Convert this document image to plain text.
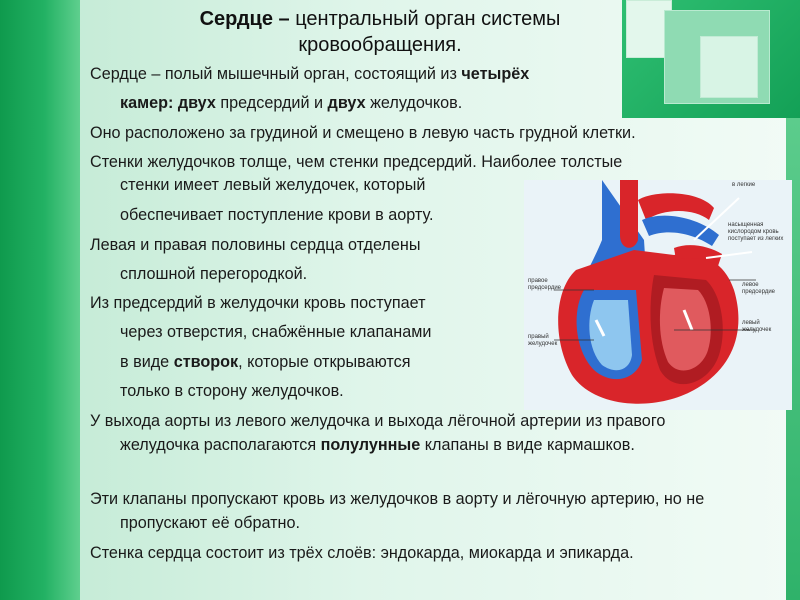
Сердце – центральный орган системы кровообращения.
Сердце – полый мышечный орган, состоящий из четырёх
камер: двух предсердий и двух желудочков.
Оно расположено за грудиной и смещено в левую часть грудной клетки.
Стенки желудочков толще, чем стенки предсердий. Наиболее толстые
стенки имеет левый желудочек, который
обеспечивает поступление крови в аорту.
Левая и правая половины сердца отделены
сплошной перегородкой.
Из предсердий в желудочки кровь поступает
через отверстия, снабжённые клапанами
в виде створок, которые открываются
только в сторону желудочков.
У выхода аорты из левого желудочка и выхода лёгочной артерии из правого желудочка располагаются полулунные клапаны в виде кармашков.
Эти клапаны пропускают кровь из желудочков в аорту и лёгочную артерию, но не пропускают её обратно.
Стенка сердца состоит из трёх слоёв: эндокарда, миокарда и эпикарда.
в легкие
насыщенная кислородом кровь поступает из легких
левое предсердие
правое предсердие
правый желудочек
левый желудочек
